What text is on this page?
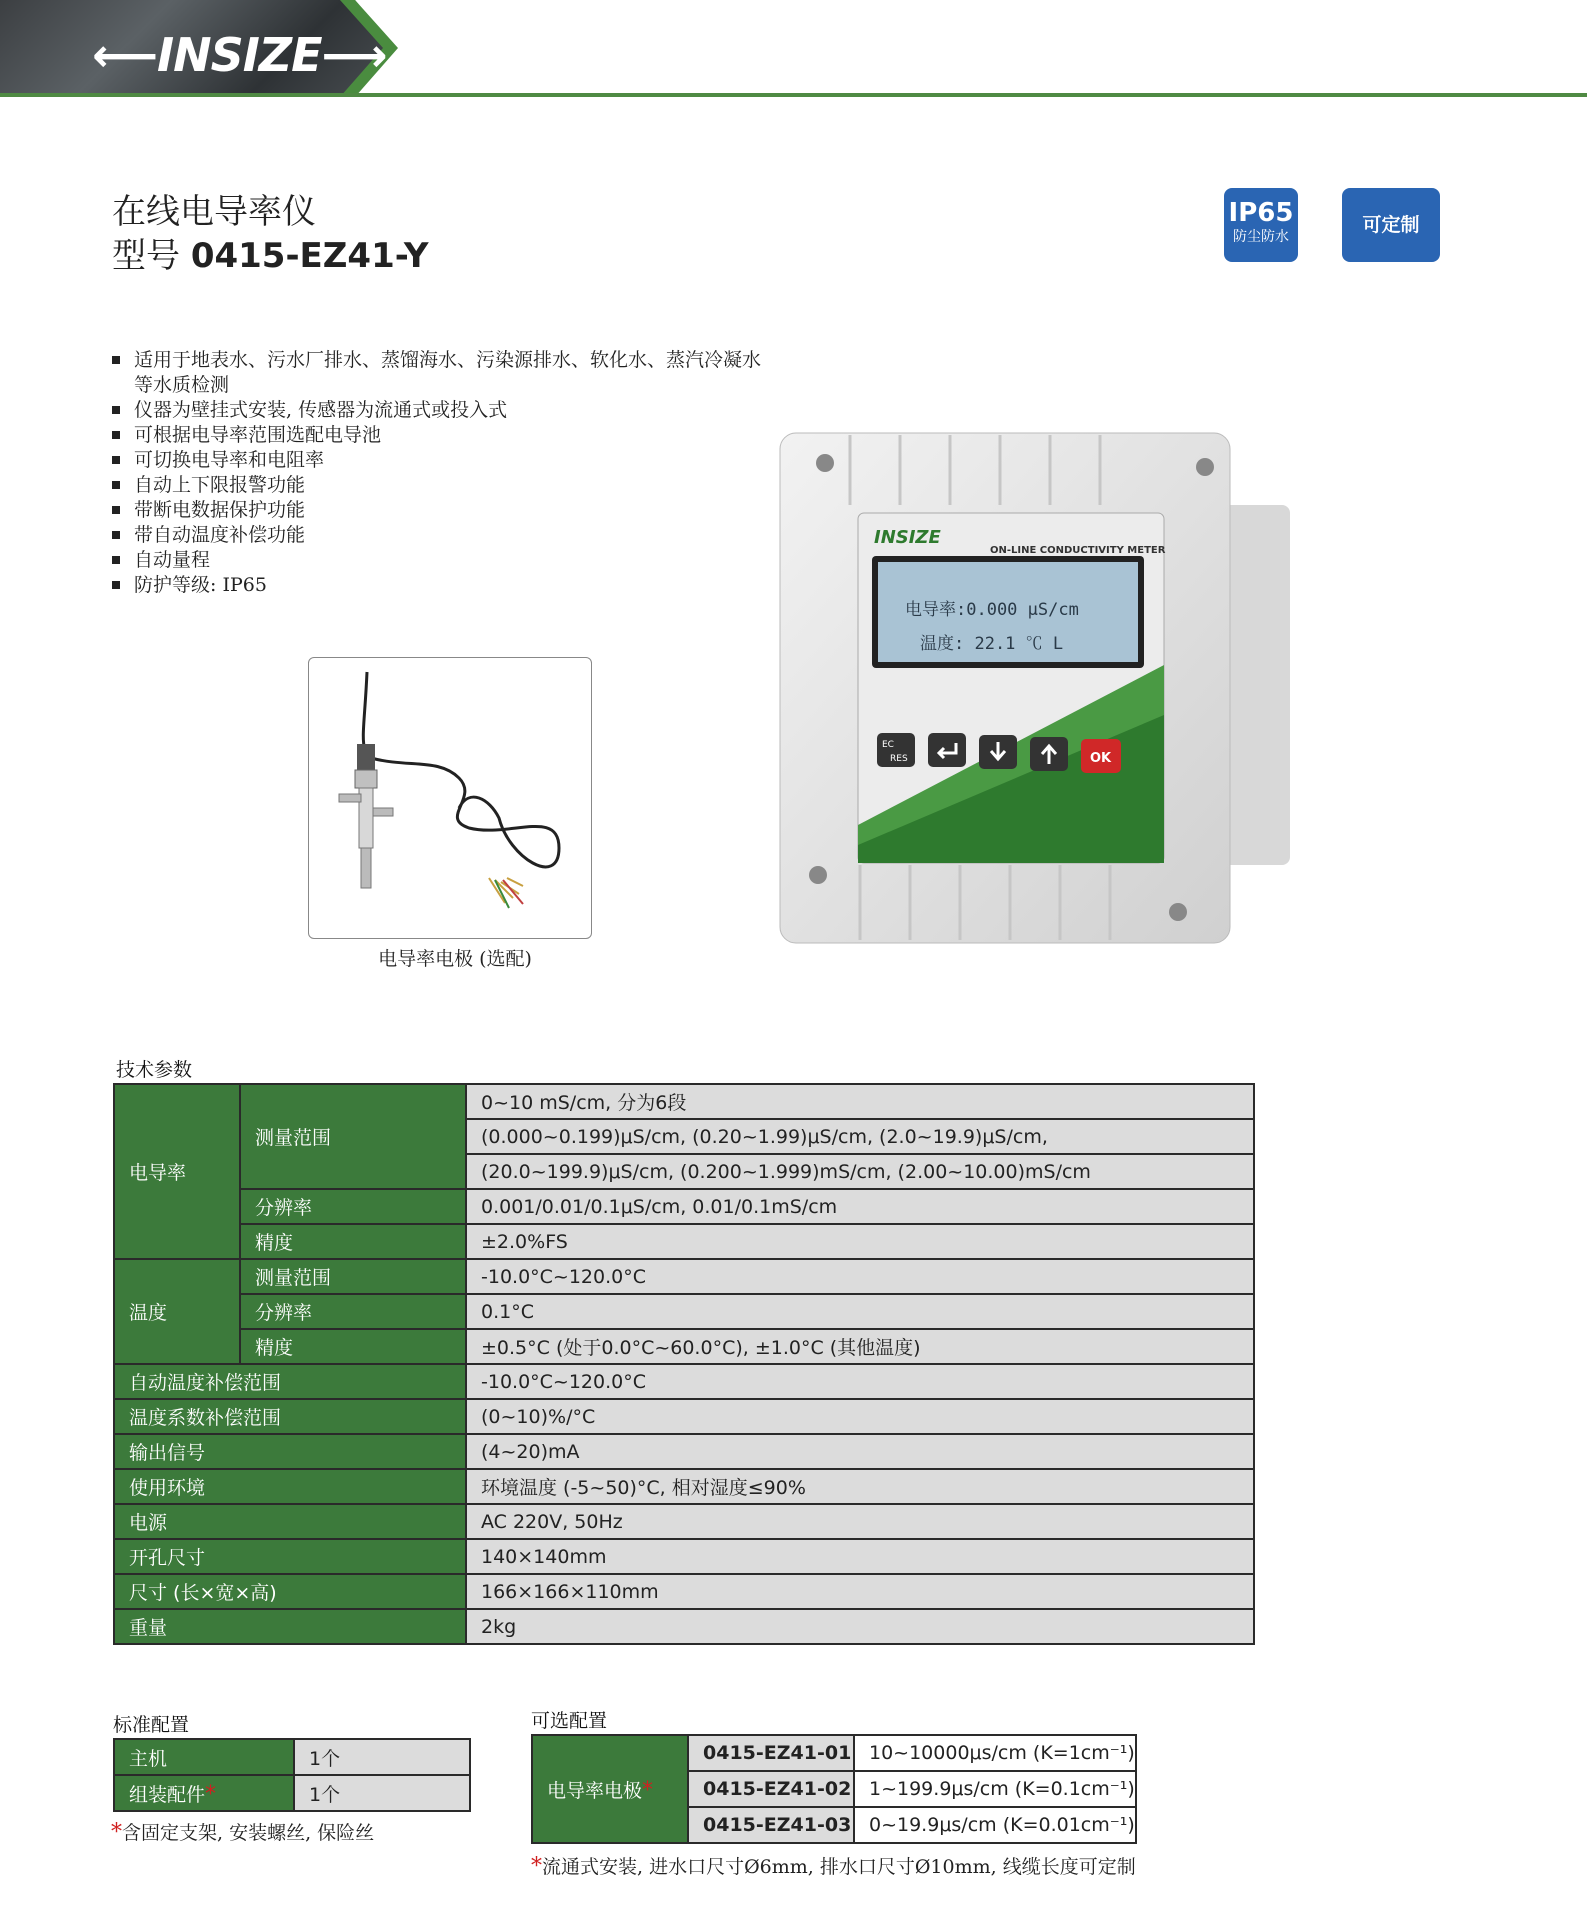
⟵INSIZE⟶
在线电导率仪
型号 0415-EZ41-Y
IP65
防尘防水
可定制
适用于地表水、污水厂排水、蒸馏海水、污染源排水、软化水、蒸汽冷凝水等水质检测
仪器为壁挂式安装, 传感器为流通式或投入式
可根据电导率范围选配电导池
可切换电导率和电阻率
自动上下限报警功能
带断电数据保护功能
带自动温度补偿功能
自动量程
防护等级: IP65
电导率电极 (选配)
INSIZE
ON-LINE CONDUCTIVITY METER
电导率:0.000 μS/cm
温度: 22.1 ℃ L
EC
RES	OK
技术参数
电导率	测量范围	0~10 mS/cm, 分为6段
		(0.000~0.199)μS/cm, (0.20~1.99)μS/cm, (2.0~19.9)μS/cm,
		(20.0~199.9)μS/cm, (0.200~1.999)mS/cm, (2.00~10.00)mS/cm
	分辨率	0.001/0.01/0.1μS/cm, 0.01/0.1mS/cm
	精度	±2.0%FS
温度	测量范围	-10.0°C~120.0°C
	分辨率	0.1°C
	精度	±0.5°C (处于0.0°C~60.0°C), ±1.0°C (其他温度)
自动温度补偿范围		-10.0°C~120.0°C
温度系数补偿范围		(0~10)%/°C
输出信号		(4~20)mA
使用环境		环境温度 (-5~50)°C, 相对湿度≤90%
电源		AC 220V, 50Hz
开孔尺寸		140×140mm
尺寸 (长×宽×高)		166×166×110mm
重量		2kg
标准配置
主机	1个
组装配件*	1个
*含固定支架, 安装螺丝, 保险丝
可选配置
电导率电极*	0415-EZ41-01	10~10000μs/cm (K=1cm⁻¹)
	0415-EZ41-02	1~199.9μs/cm (K=0.1cm⁻¹)
	0415-EZ41-03	0~19.9μs/cm (K=0.01cm⁻¹)
*流通式安装, 进水口尺寸Ø6mm, 排水口尺寸Ø10mm, 线缆长度可定制
